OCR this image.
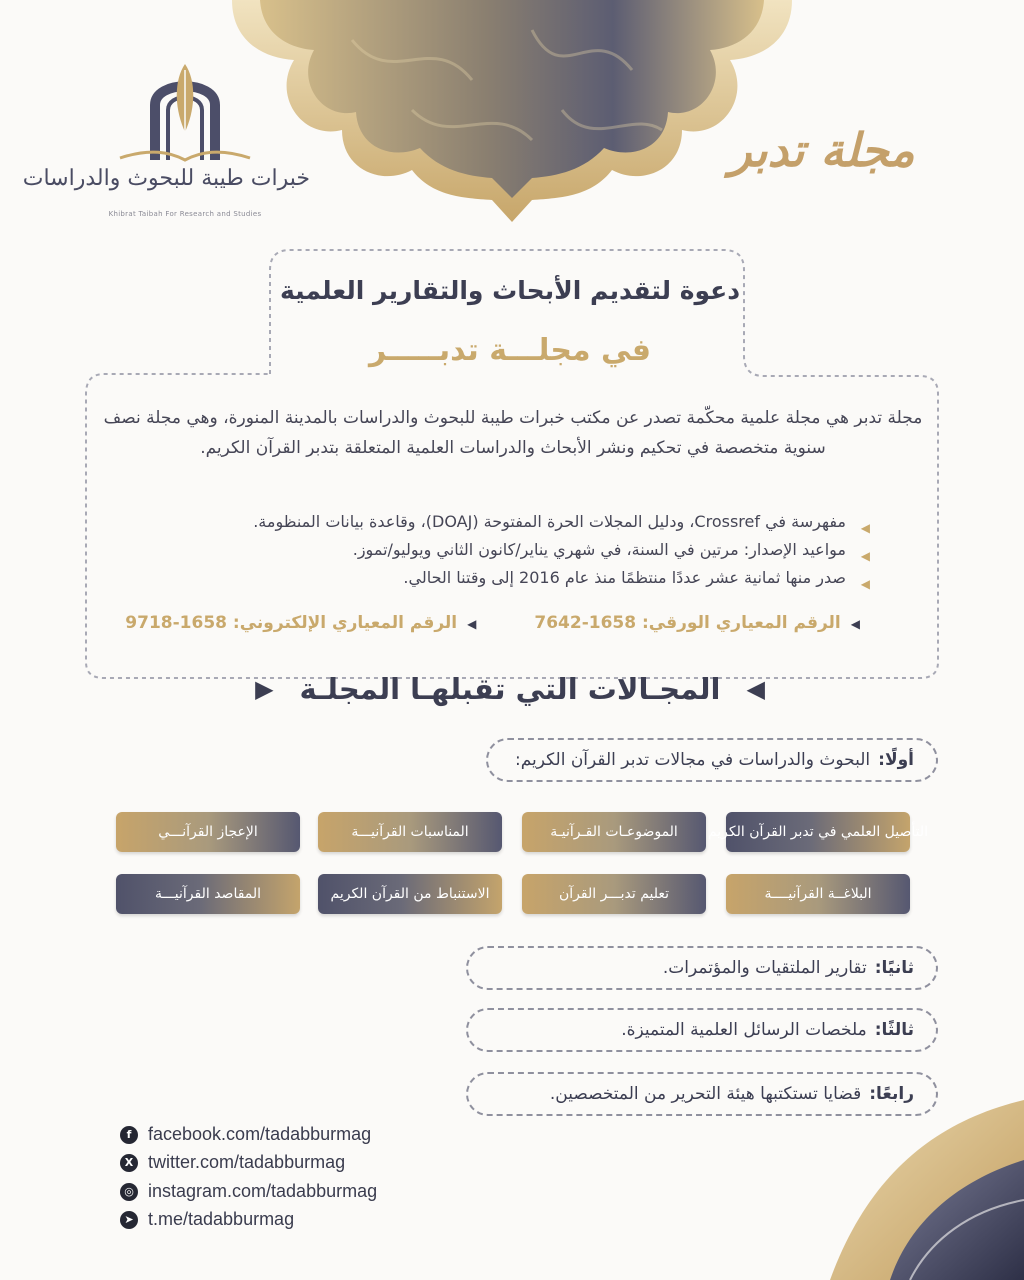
خبرات طيبة للبحوث والدراسات
Khibrat Taibah For Research and Studies
مجلة تدبر
دعوة لتقديم الأبحاث والتقارير العلمية
في مجلـــة تدبـــــر
مجلة تدبر هي مجلة علمية محكّمة تصدر عن مكتب خبرات طيبة للبحوث والدراسات بالمدينة المنورة، وهي مجلة نصف سنوية متخصصة في تحكيم ونشر الأبحاث والدراسات العلمية المتعلقة بتدبر القرآن الكريم.
◀
مفهرسة في Crossref، ودليل المجلات الحرة المفتوحة (DOAJ)، وقاعدة بيانات المنظومة.
◀
مواعيد الإصدار: مرتين في السنة، في شهري يناير/كانون الثاني ويوليو/تموز.
◀
صدر منها ثمانية عشر عددًا منتظمًا منذ عام 2016 إلى وقتنا الحالي.
◀الرقم المعياري الورقي: 1658-7642
◀الرقم المعياري الإلكتروني: 1658-9718
◀
المجـالات التي تقبلهـا المجلـة
▶
أولًا:
البحوث والدراسات في مجالات تدبر القرآن الكريم:
التأصيل العلمي في تدبر القرآن الكريم
الموضوعـات القـرآنيـة
المناسبات القرآنيـــة
الإعجاز القرآنـــي
البلاغــة القرآنيــــة
تعليم تدبـــر القرآن
الاستنباط من القرآن الكريم
المقاصد القرآنيـــة
ثانيًا:
تقارير الملتقيات والمؤتمرات.
ثالثًا:
ملخصات الرسائل العلمية المتميزة.
رابعًا:
قضايا تستكتبها هيئة التحرير من المتخصصين.
f facebook.com/tadabburmag
X twitter.com/tadabburmag
◎ instagram.com/tadabburmag
➤ t.me/tadabburmag
